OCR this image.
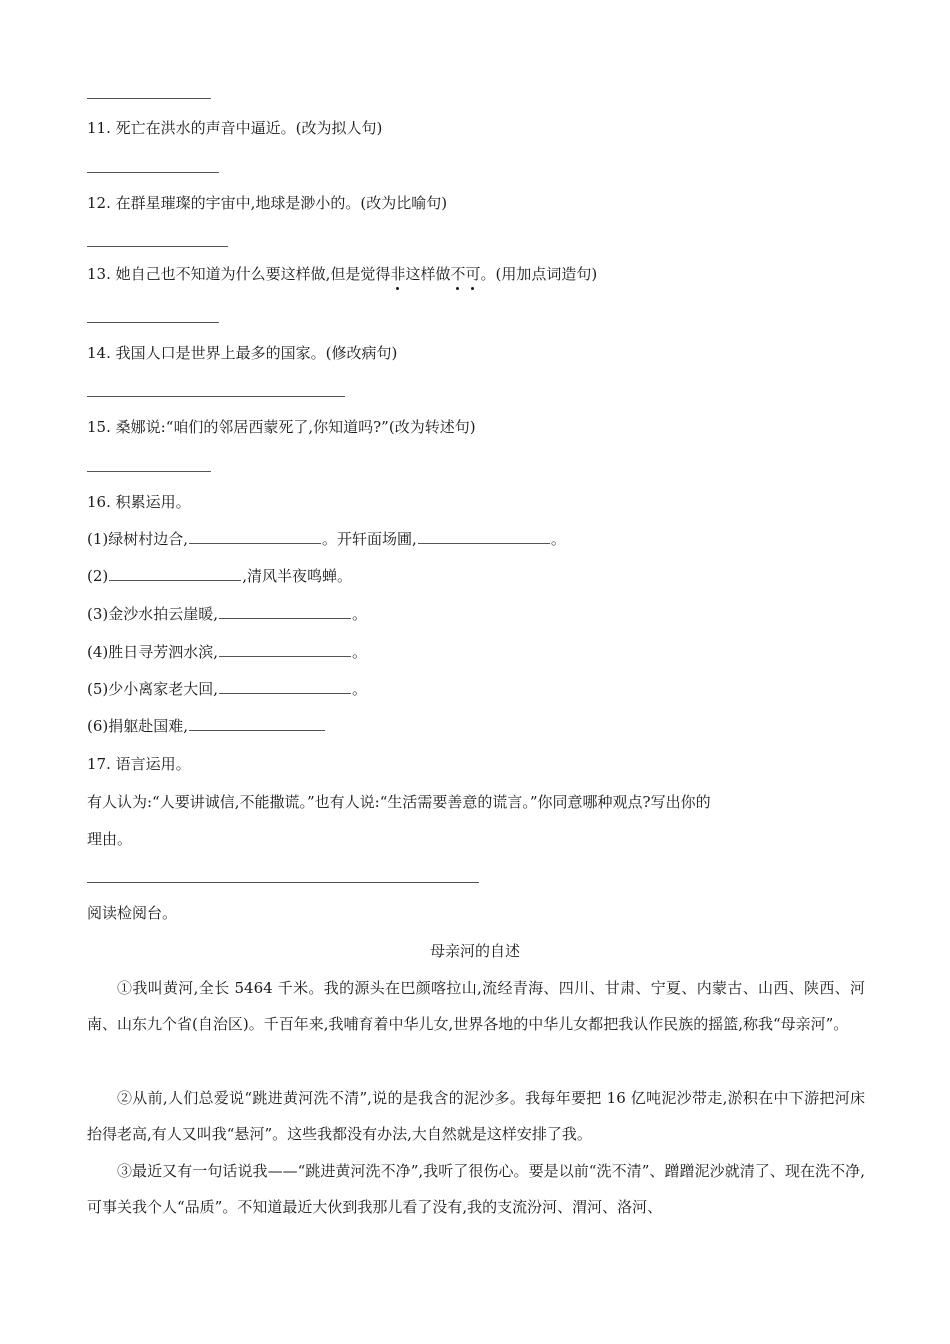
11. 死亡在洪水的声音中逼近。(改为拟人句)
12. 在群星璀璨的宇宙中,地球是渺小的。(改为比喻句)
13. 她自己也不知道为什么要这样做,但是觉得非这样做不可。(用加点词造句)
14. 我国人口是世界上最多的国家。(修改病句)
15. 桑娜说:“咱们的邻居西蒙死了,你知道吗?”(改为转述句)
16. 积累运用。
(1)绿树村边合,	。开轩面场圃,	。
(2)	,清风半夜鸣蝉。
(3)金沙水拍云崖暖,	。
(4)胜日寻芳泗水滨,	。
(5)少小离家老大回,	。
(6)捐躯赴国难,
17. 语言运用。
有人认为:“人要讲诚信,不能撒谎。”也有人说:“生活需要善意的谎言。”你同意哪种观点?写出你的
理由。
阅读检阅台。
母亲河的自述
①我叫黄河,全长 5464 千米。我的源头在巴颜喀拉山,流经青海、四川、甘肃、宁夏、内蒙古、山西、陕西、河南、山东九个省(自治区)。千百年来,我哺育着中华儿女,世界各地的中华儿女都把我认作民族的摇篮,称我“母亲河”。
②从前,人们总爱说“跳进黄河洗不清”,说的是我含的泥沙多。我每年要把 16 亿吨泥沙带走,淤积在中下游把河床抬得老高,有人又叫我“悬河”。这些我都没有办法,大自然就是这样安排了我。
③最近又有一句话说我——“跳进黄河洗不净”,我听了很伤心。要是以前“洗不清”、蹭蹭泥沙就清了、现在洗不净,可事关我个人“品质”。不知道最近大伙到我那儿看了没有,我的支流汾河、渭河、洛河、
